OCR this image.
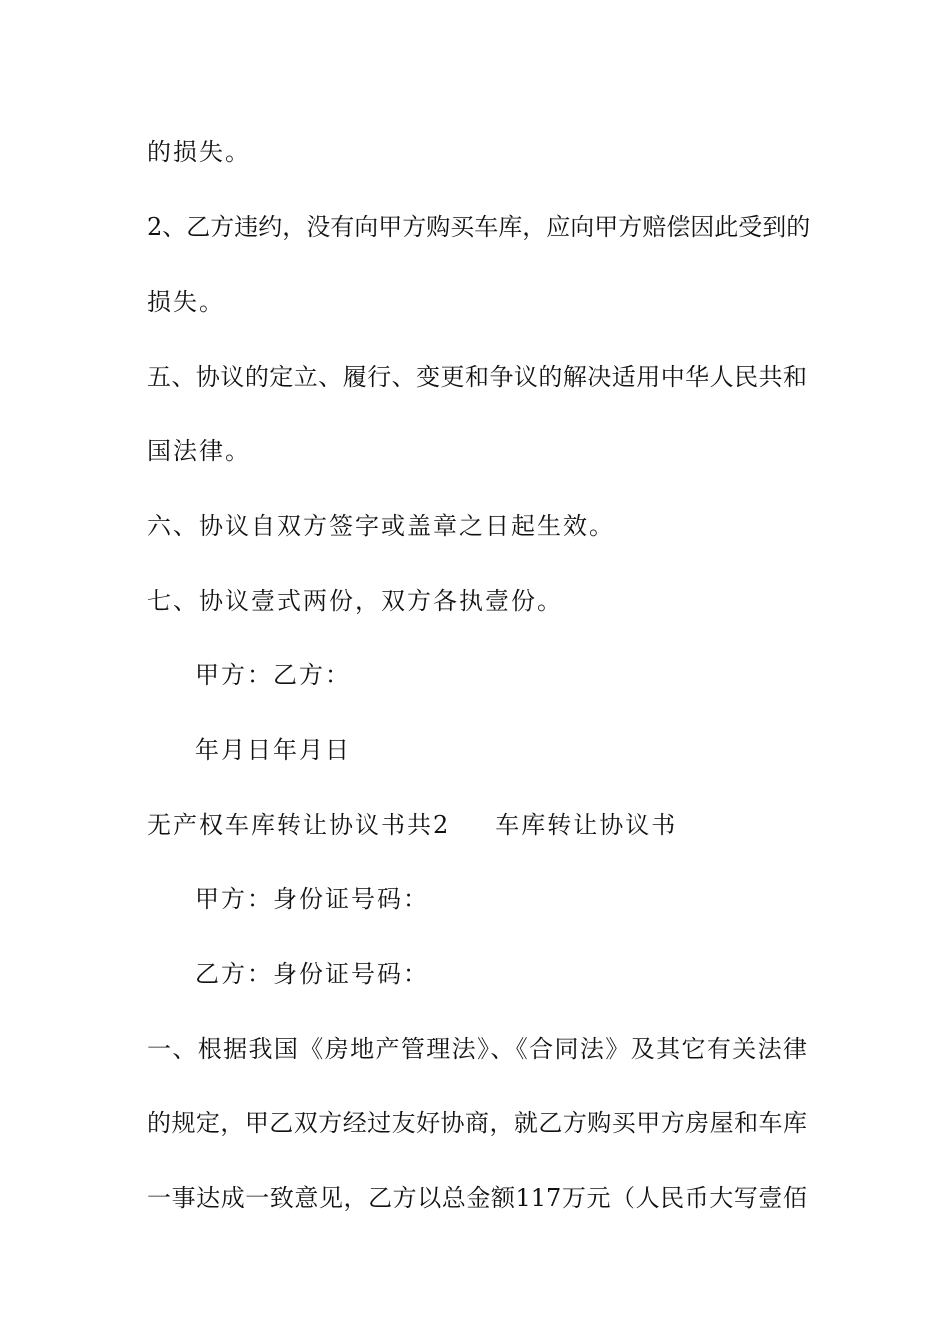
的损失。
2、乙方违约，没有向甲方购买车库，应向甲方赔偿因此受到的
损失。
五、协议的定立、履行、变更和争议的解决适用中华人民共和
国法律。
六、协议自双方签字或盖章之日起生效。
七、协议壹式两份，双方各执壹份。
甲方：乙方：
年月日年月日
无产权车库转让协议书共2 车库转让协议书
甲方：身份证号码：
乙方：身份证号码：
一、根据我国《房地产管理法》、《合同法》及其它有关法律
的规定，甲乙双方经过友好协商，就乙方购买甲方房屋和车库
一事达成一致意见，乙方以总金额117万元（人民币大写壹佰
